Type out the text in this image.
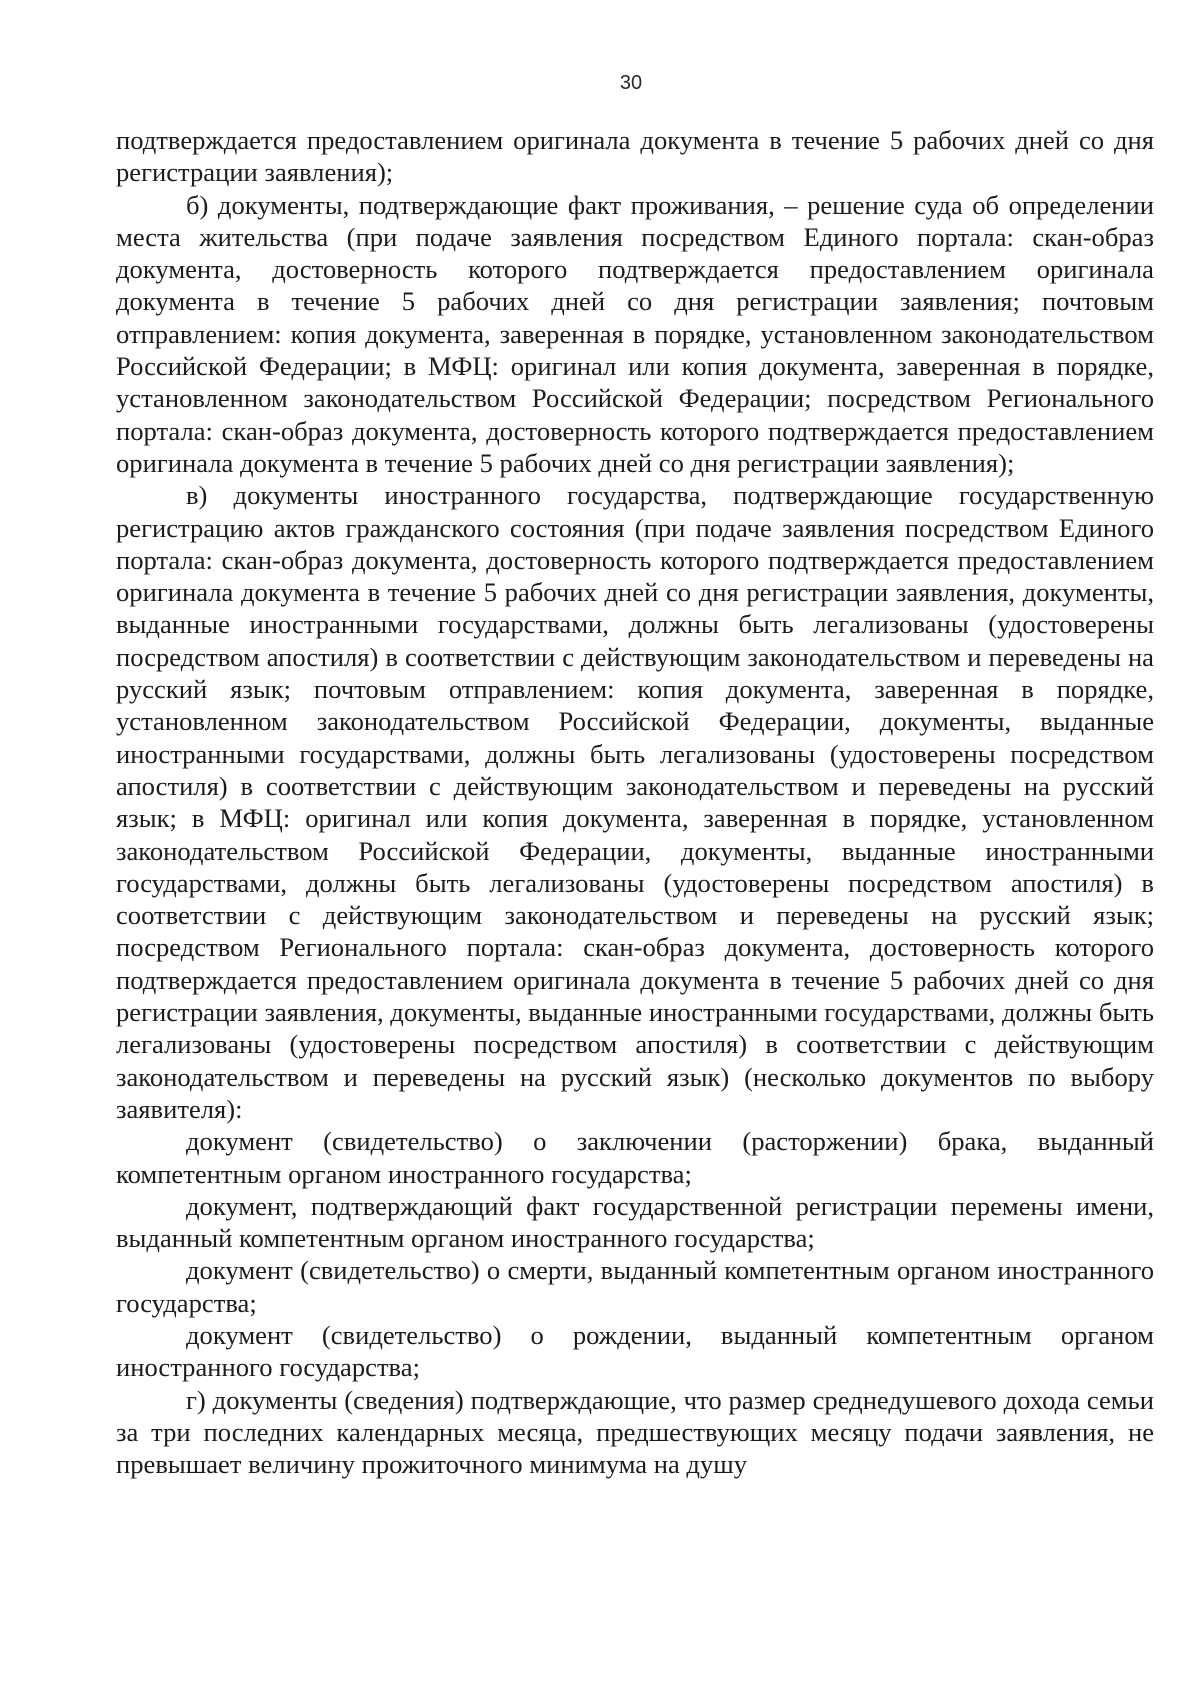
30

подтверждается предоставлением оригинала документа в течение 5 рабочих дней со дня регистрации заявления);

б) документы, подтверждающие факт проживания, – решение суда об определении места жительства (при подаче заявления посредством Единого портала: скан-образ документа, достоверность которого подтверждается предоставлением оригинала документа в течение 5 рабочих дней со дня регистрации заявления; почтовым отправлением: копия документа, заверенная в порядке, установленном законодательством Российской Федерации; в МФЦ: оригинал или копия документа, заверенная в порядке, установленном законодательством Российской Федерации; посредством Регионального портала: скан-образ документа, достоверность которого подтверждается предоставлением оригинала документа в течение 5 рабочих дней со дня регистрации заявления);

в) документы иностранного государства, подтверждающие государственную регистрацию актов гражданского состояния (при подаче заявления посредством Единого портала: скан-образ документа, достоверность которого подтверждается предоставлением оригинала документа в течение 5 рабочих дней со дня регистрации заявления, документы, выданные иностранными государствами, должны быть легализованы (удостоверены посредством апостиля) в соответствии с действующим законодательством и переведены на русский язык; почтовым отправлением: копия документа, заверенная в порядке, установленном законодательством Российской Федерации, документы, выданные иностранными государствами, должны быть легализованы (удостоверены посредством апостиля) в соответствии с действующим законодательством и переведены на русский язык; в МФЦ: оригинал или копия документа, заверенная в порядке, установленном законодательством Российской Федерации, документы, выданные иностранными государствами, должны быть легализованы (удостоверены посредством апостиля) в соответствии с действующим законодательством и переведены на русский язык; посредством Регионального портала: скан-образ документа, достоверность которого подтверждается предоставлением оригинала документа в течение 5 рабочих дней со дня регистрации заявления, документы, выданные иностранными государствами, должны быть легализованы (удостоверены посредством апостиля) в соответствии с действующим законодательством и переведены на русский язык) (несколько документов по выбору заявителя):

документ (свидетельство) о заключении (расторжении) брака, выданный компетентным органом иностранного государства;

документ, подтверждающий факт государственной регистрации перемены имени, выданный компетентным органом иностранного государства;

документ (свидетельство) о смерти, выданный компетентным органом иностранного государства;

документ (свидетельство) о рождении, выданный компетентным органом иностранного государства;

г) документы (сведения) подтверждающие, что размер среднедушевого дохода семьи за три последних календарных месяца, предшествующих месяцу подачи заявления, не превышает величину прожиточного минимума на душу
